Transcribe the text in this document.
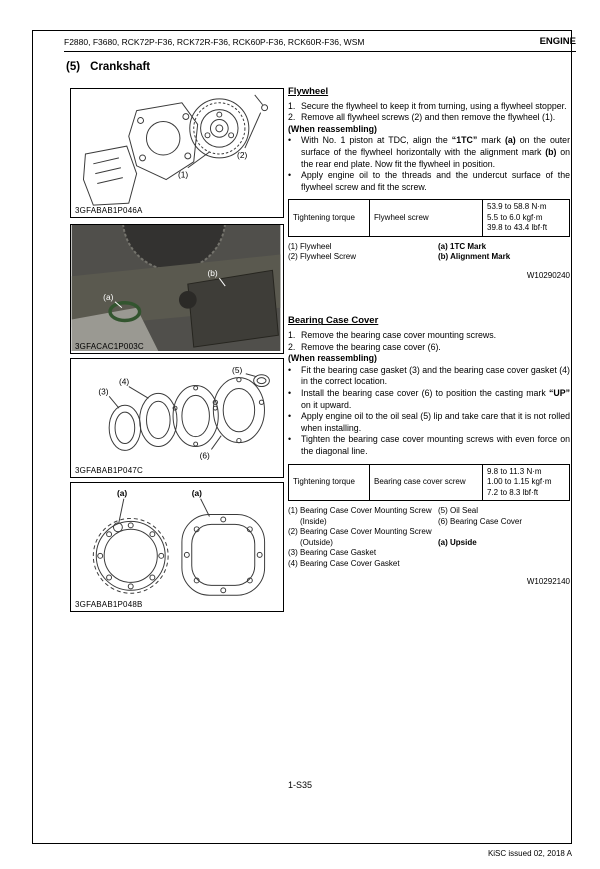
F2880, F3680, RCK72P-F36, RCK72R-F36, RCK60P-F36, RCK60R-F36, WSM	ENGINE
(5) Crankshaft
(1)
(2)
3GFABAB1P046A
(a)
(b)
3GFACAC1P003C
(3)
(4)
(5)
(6)
3GFABAB1P047C
(a)	(a)
3GFABAB1P048B
Flywheel
1. Secure the flywheel to keep it from turning, using a flywheel stopper.
2. Remove all flywheel screws (2) and then remove the flywheel (1).
(When reassembling)
•	With No. 1 piston at TDC, align the “1TC” mark (a) on the outer surface of the flywheel horizontally with the alignment mark (b) on the rear end plate. Now fit the flywheel in position.
•	Apply engine oil to the threads and the undercut surface of the flywheel screw and fit the screw.
Tightening torque	Flywheel screw	
53.9 to 58.8 N·m
5.5 to 6.0 kgf·m
39.8 to 43.4 lbf·ft
(1) Flywheel
(2) Flywheel Screw
(a) 1TC Mark
(b) Alignment Mark
W10290240
Bearing Case Cover
1. Remove the bearing case cover mounting screws.
2. Remove the bearing case cover (6).
(When reassembling)
•	Fit the bearing case gasket (3) and the bearing case cover gasket (4) in the correct location.
•	Install the bearing case cover (6) to position the casting mark “UP” on it upward.
•	Apply engine oil to the oil seal (5) lip and take care that it is not rolled when installing.
•	Tighten the bearing case cover mounting screws with even force on the diagonal line.
Tightening torque	Bearing case cover screw	
9.8 to 11.3 N·m
1.00 to 1.15 kgf·m
7.2 to 8.3 lbf·ft
(1) Bearing Case Cover Mounting Screw
(Inside)
(2) Bearing Case Cover Mounting Screw
(Outside)
(3) Bearing Case Gasket
(4) Bearing Case Cover Gasket
(5) Oil Seal
(6) Bearing Case Cover
(a) Upside
W10292140
1-S35
KiSC issued 02, 2018 A
